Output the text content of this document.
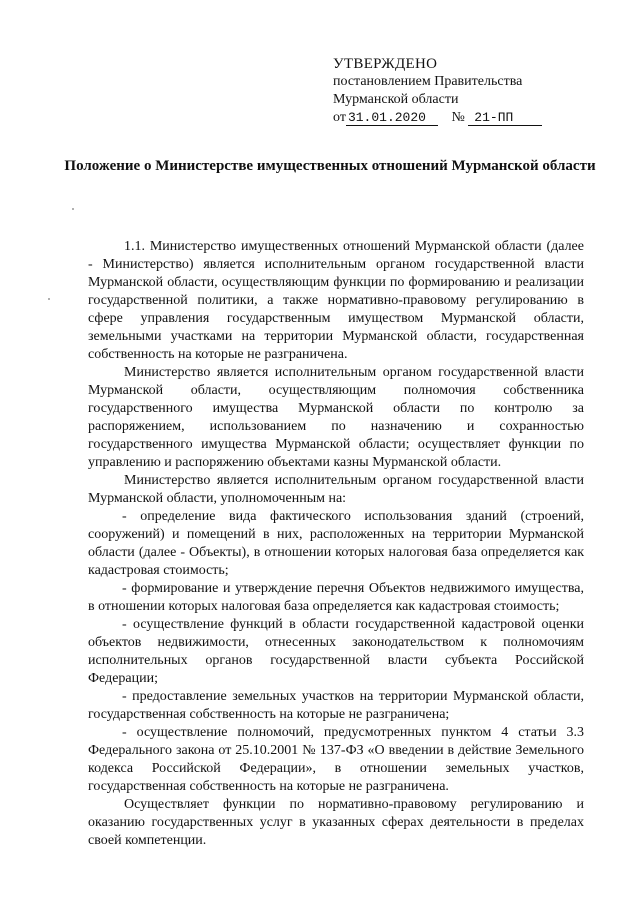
УТВЕРЖДЕНО
постановлением Правительства
Мурманской области
от 31.01.2020 № 21-ПП
Положение о Министерстве имущественных отношений Мурманской области

1.1. Министерство имущественных отношений Мурманской области (далее - Министерство) является исполнительным органом государственной власти Мурманской области, осуществляющим функции по формированию и реализации государственной политики, а также нормативно-правовому регулированию в сфере управления государственным имуществом Мурманской области, земельными участками на территории Мурманской области, государственная собственность на которые не разграничена.

Министерство является исполнительным органом государственной власти Мурманской области, осуществляющим полномочия собственника государственного имущества Мурманской области по контролю за распоряжением, использованием по назначению и сохранностью государственного имущества Мурманской области; осуществляет функции по управлению и распоряжению объектами казны Мурманской области.

Министерство является исполнительным органом государственной власти Мурманской области, уполномоченным на:

- определение вида фактического использования зданий (строений, сооружений) и помещений в них, расположенных на территории Мурманской области (далее - Объекты), в отношении которых налоговая база определяется как кадастровая стоимость;

- формирование и утверждение перечня Объектов недвижимого имущества, в отношении которых налоговая база определяется как кадастровая стоимость;

- осуществление функций в области государственной кадастровой оценки объектов недвижимости, отнесенных законодательством к полномочиям исполнительных органов государственной власти субъекта Российской Федерации;

- предоставление земельных участков на территории Мурманской области, государственная собственность на которые не разграничена;

- осуществление полномочий, предусмотренных пунктом 4 статьи 3.3 Федерального закона от 25.10.2001 № 137-ФЗ «О введении в действие Земельного кодекса Российской Федерации», в отношении земельных участков, государственная собственность на которые не разграничена.

Осуществляет функции по нормативно-правовому регулированию и оказанию государственных услуг в указанных сферах деятельности в пределах своей компетенции.
